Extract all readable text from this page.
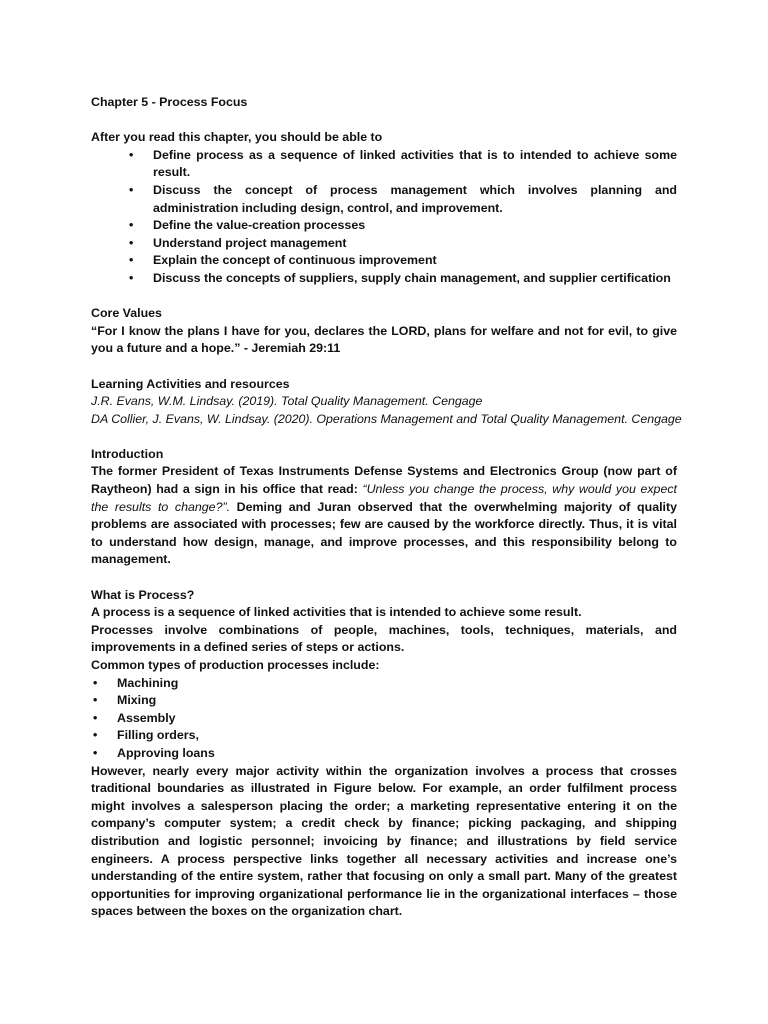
Chapter 5 - Process Focus

After you read this chapter, you should be able to

• Define process as a sequence of linked activities that is to intended to achieve some result.
• Discuss the concept of process management which involves planning and administration including design, control, and improvement.
• Define the value-creation processes
• Understand project management
• Explain the concept of continuous improvement
• Discuss the concepts of suppliers, supply chain management, and supplier certification

Core Values

“For I know the plans I have for you, declares the LORD, plans for welfare and not for evil, to give you a future and a hope.” - Jeremiah 29:11

Learning Activities and resources

J.R. Evans, W.M. Lindsay. (2019). Total Quality Management. Cengage

DA Collier, J. Evans, W. Lindsay. (2020). Operations Management and Total Quality Management. Cengage

Introduction

The former President of Texas Instruments Defense Systems and Electronics Group (now part of Raytheon) had a sign in his office that read: “Unless you change the process, why would you expect the results to change?”. Deming and Juran observed that the overwhelming majority of quality problems are associated with processes; few are caused by the workforce directly. Thus, it is vital to understand how design, manage, and improve processes, and this responsibility belong to management.

What is Process?

A process is a sequence of linked activities that is intended to achieve some result.

Processes involve combinations of people, machines, tools, techniques, materials, and improvements in a defined series of steps or actions.

Common types of production processes include:

• Machining
• Mixing
• Assembly
• Filling orders,
• Approving loans

However, nearly every major activity within the organization involves a process that crosses traditional boundaries as illustrated in Figure below. For example, an order fulfilment process might involves a salesperson placing the order; a marketing representative entering it on the company’s computer system; a credit check by finance; picking packaging, and shipping distribution and logistic personnel; invoicing by finance; and illustrations by field service engineers. A process perspective links together all necessary activities and increase one’s understanding of the entire system, rather that focusing on only a small part. Many of the greatest opportunities for improving organizational performance lie in the organizational interfaces – those spaces between the boxes on the organization chart.
